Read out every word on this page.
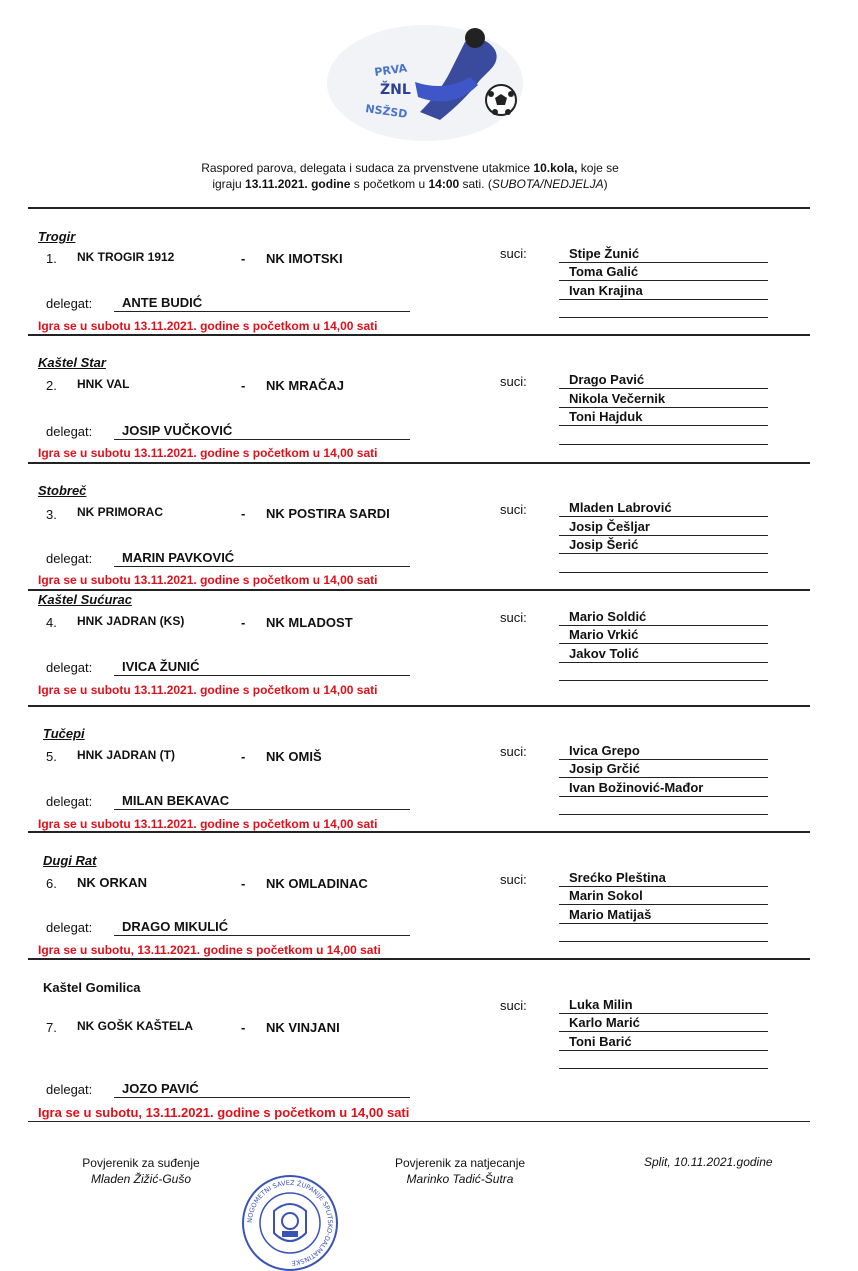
PRVA
ŽNL
NSŽSD
Raspored parova, delegata i sudaca za prvenstvene utakmice 10.kola, koje se
igraju 13.11.2021. godine s početkom u 14:00 sati. (SUBOTA/NEDJELJA)
Trogir
1. NK TROGIR 1912	- NK IMOTSKI	suci:	Stipe Žunić
Toma Galić
Ivan Krajina
delegat: ANTE BUDIĆ
Igra se u subotu 13.11.2021. godine s početkom u 14,00 sati
Kaštel Star
2. HNK VAL	- NK MRAČAJ	suci:	Drago Pavić
Nikola Večernik
Toni Hajduk
delegat: JOSIP VUČKOVIĆ
Igra se u subotu 13.11.2021. godine s početkom u 14,00 sati
Stobreč
3. NK PRIMORAC	- NK POSTIRA SARDI	suci:	Mladen Labrović
Josip Češljar
Josip Šerić
delegat: MARIN PAVKOVIĆ
Igra se u subotu 13.11.2021. godine s početkom u 14,00 sati
Kaštel Sućurac
4. HNK JADRAN (KS)	- NK MLADOST	suci:	Mario Soldić
Mario Vrkić
Jakov Tolić
delegat: IVICA ŽUNIĆ
Igra se u subotu 13.11.2021. godine s početkom u 14,00 sati
Tučepi
5. HNK JADRAN (T)	- NK OMIŠ	suci:	Ivica Grepo
Josip Grčić
Ivan Božinović-Mađor
delegat: MILAN BEKAVAC
Igra se u subotu 13.11.2021. godine s početkom u 14,00 sati
Dugi Rat
6. NK ORKAN	- NK OMLADINAC	suci:	Srećko Pleština
Marin Sokol
Mario Matijaš
delegat: DRAGO MIKULIĆ
Igra se u subotu, 13.11.2021. godine s početkom u 14,00 sati
Kaštel Gomilica
7. NK GOŠK KAŠTELA	- NK VINJANI
suci:	Luka Milin
Karlo Marić
Toni Barić
delegat: JOZO PAVIĆ
Igra se u subotu, 13.11.2021. godine s početkom u 14,00 sati
Povjerenik za suđenje
Mladen Žižić-Gušo
Povjerenik za natjecanje
Marinko Tadić-Šutra
Split, 10.11.2021.godine
NOGOMETNI SAVEZ ŽUPANIJE SPLITSKO-DALMATINSKE
